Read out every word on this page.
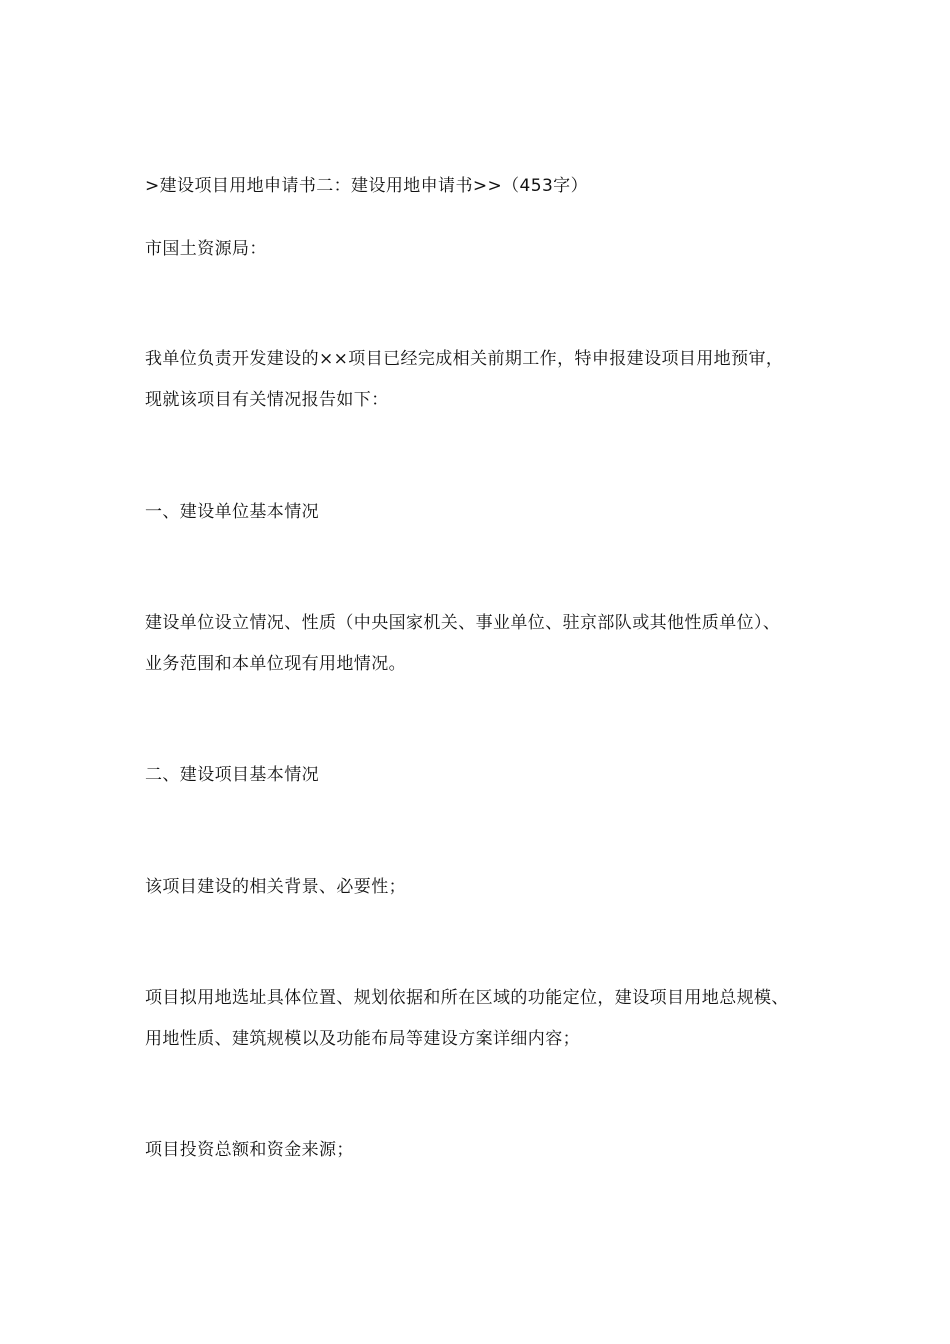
>建设项目用地申请书二：建设用地申请书>>（453字）
市国土资源局：
我单位负责开发建设的××项目已经完成相关前期工作，特申报建设项目用地预审，
现就该项目有关情况报告如下：
一、建设单位基本情况
建设单位设立情况、性质（中央国家机关、事业单位、驻京部队或其他性质单位）、
业务范围和本单位现有用地情况。
二、建设项目基本情况
该项目建设的相关背景、必要性；
项目拟用地选址具体位置、规划依据和所在区域的功能定位，建设项目用地总规模、
用地性质、建筑规模以及功能布局等建设方案详细内容；
项目投资总额和资金来源；
